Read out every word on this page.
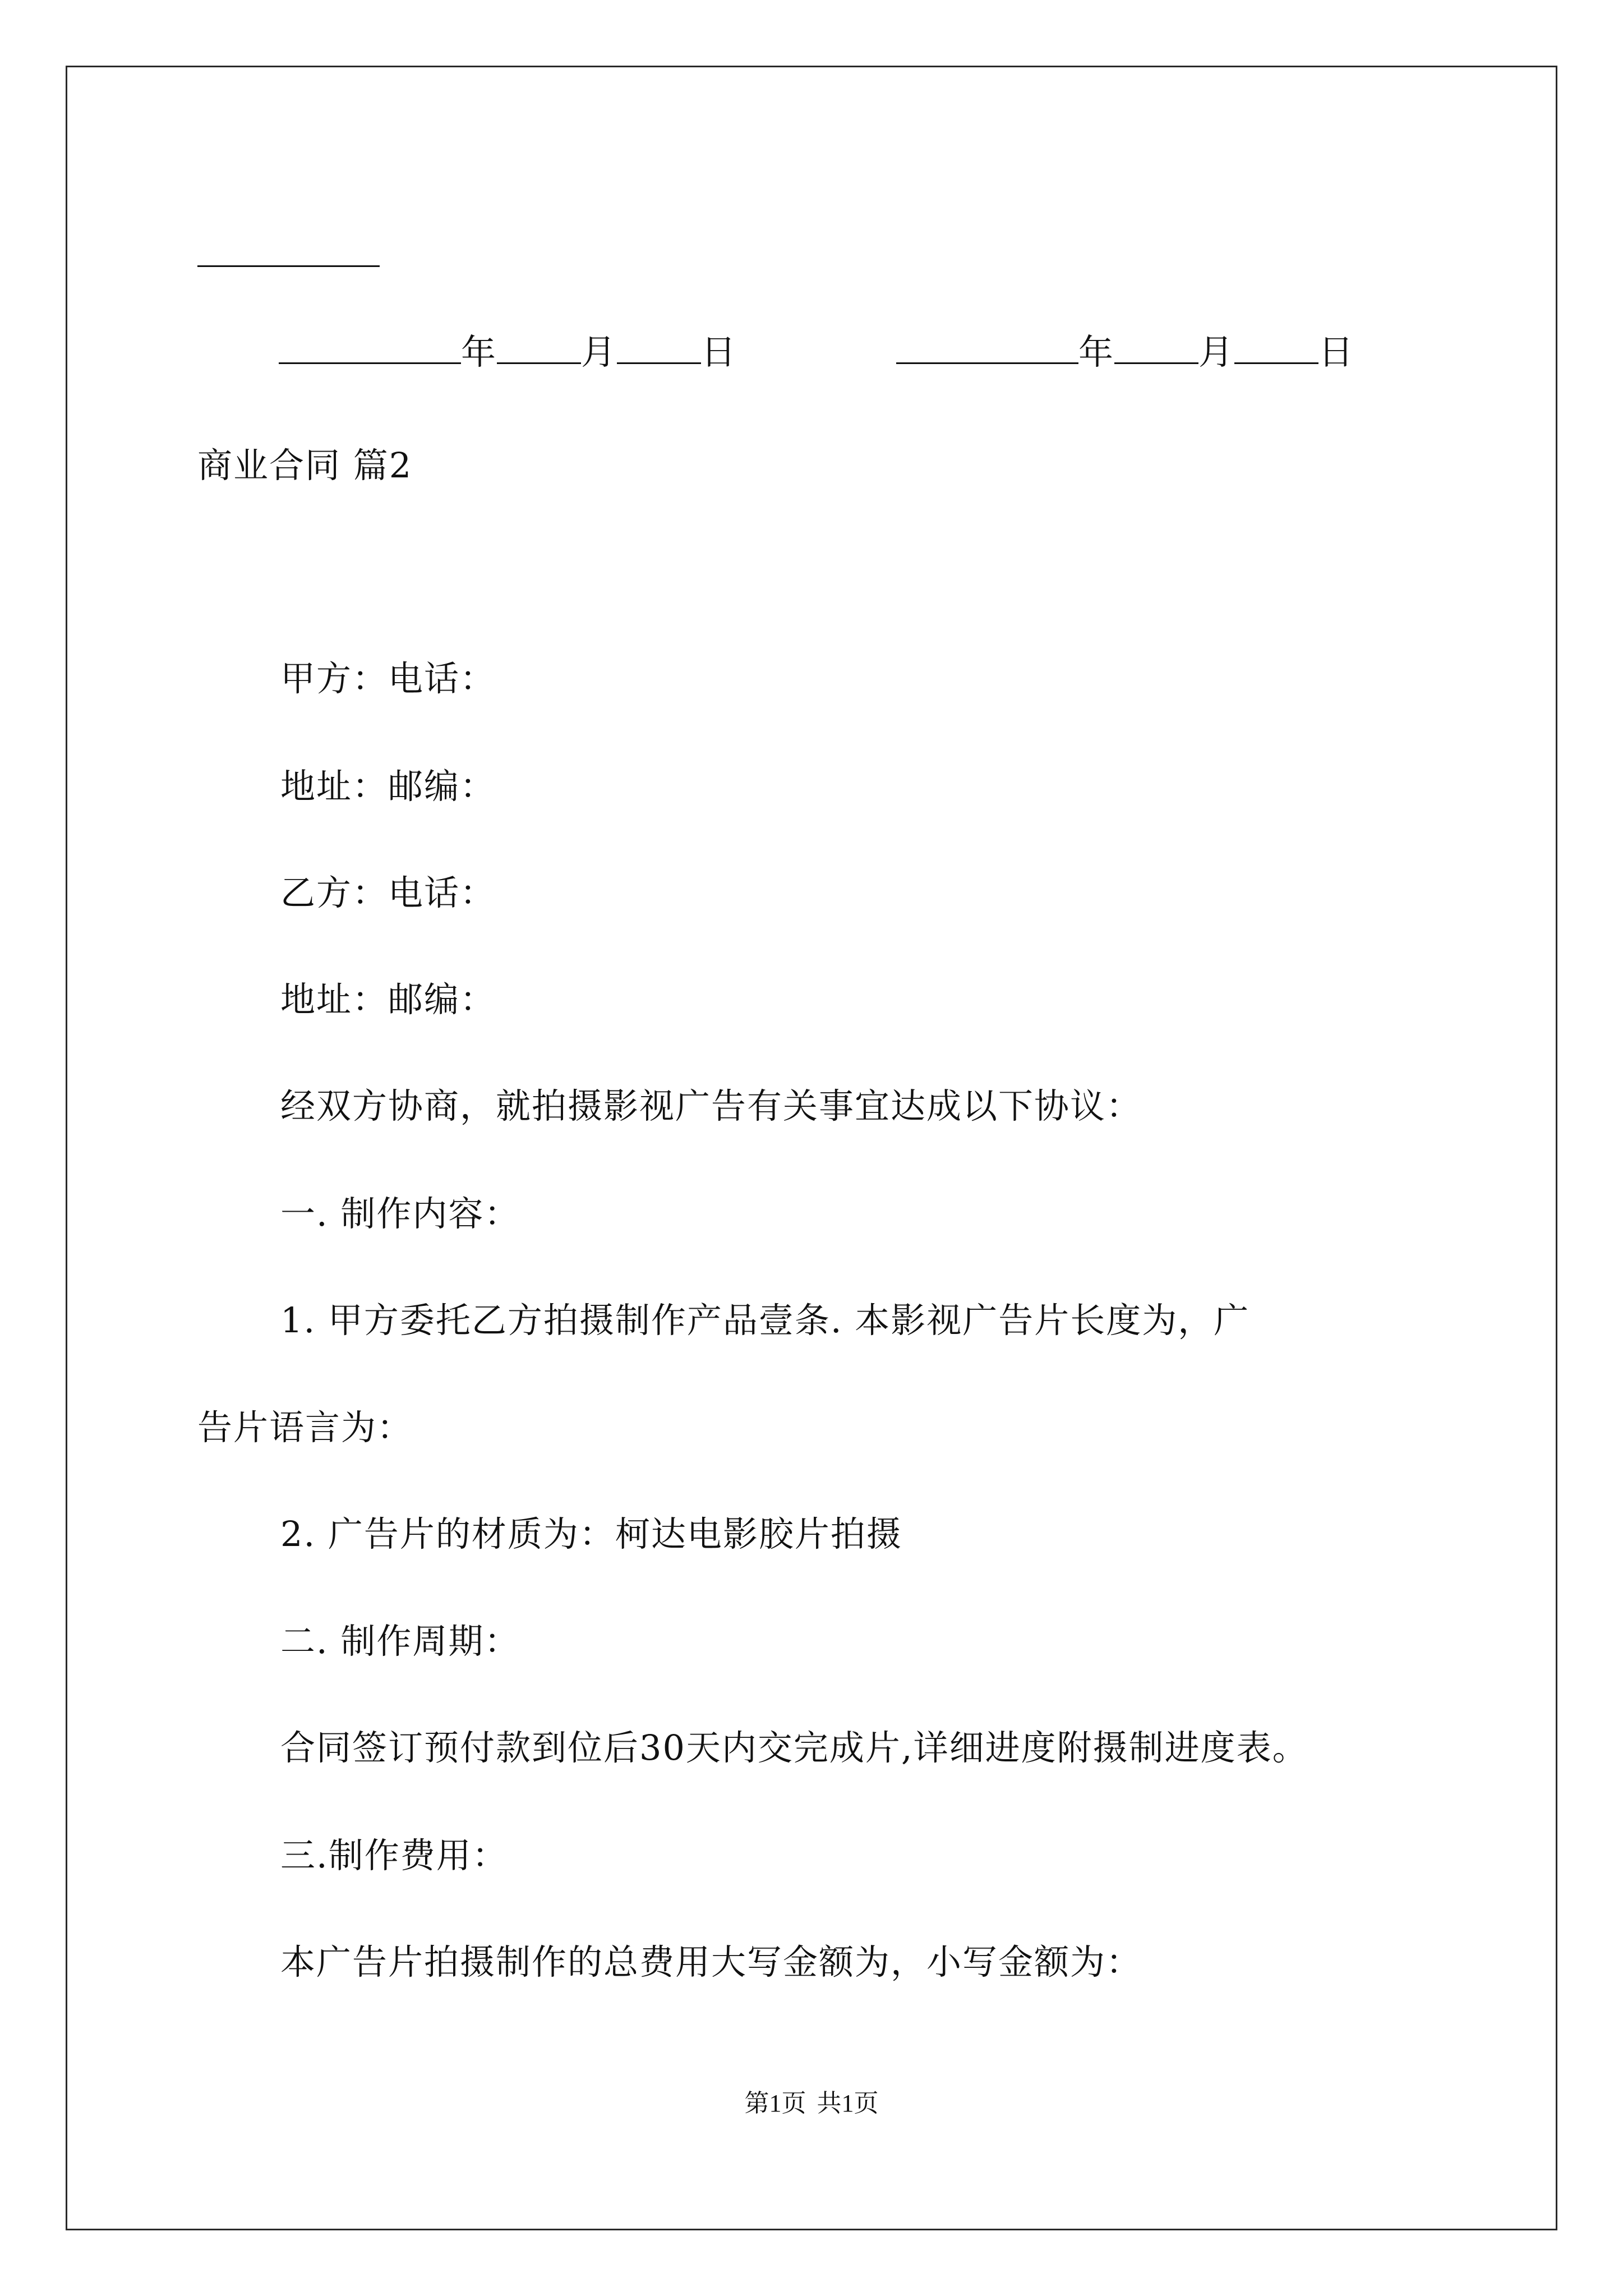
年 月 日	年 月 日
商业合同 篇2
甲方：电话：
地址：邮编：
乙方：电话：
地址：邮编：
经双方协商，就拍摄影视广告有关事宜达成以下协议：
一. 制作内容：
1. 甲方委托乙方拍摄制作产品壹条. 本影视广告片长度为，广
告片语言为：
2. 广告片的材质为：柯达电影胶片拍摄
二. 制作周期：
合同签订预付款到位后30天内交完成片,详细进度附摄制进度表。
三.制作费用：
本广告片拍摄制作的总费用大写金额为，小写金额为：
第1页 共1页
